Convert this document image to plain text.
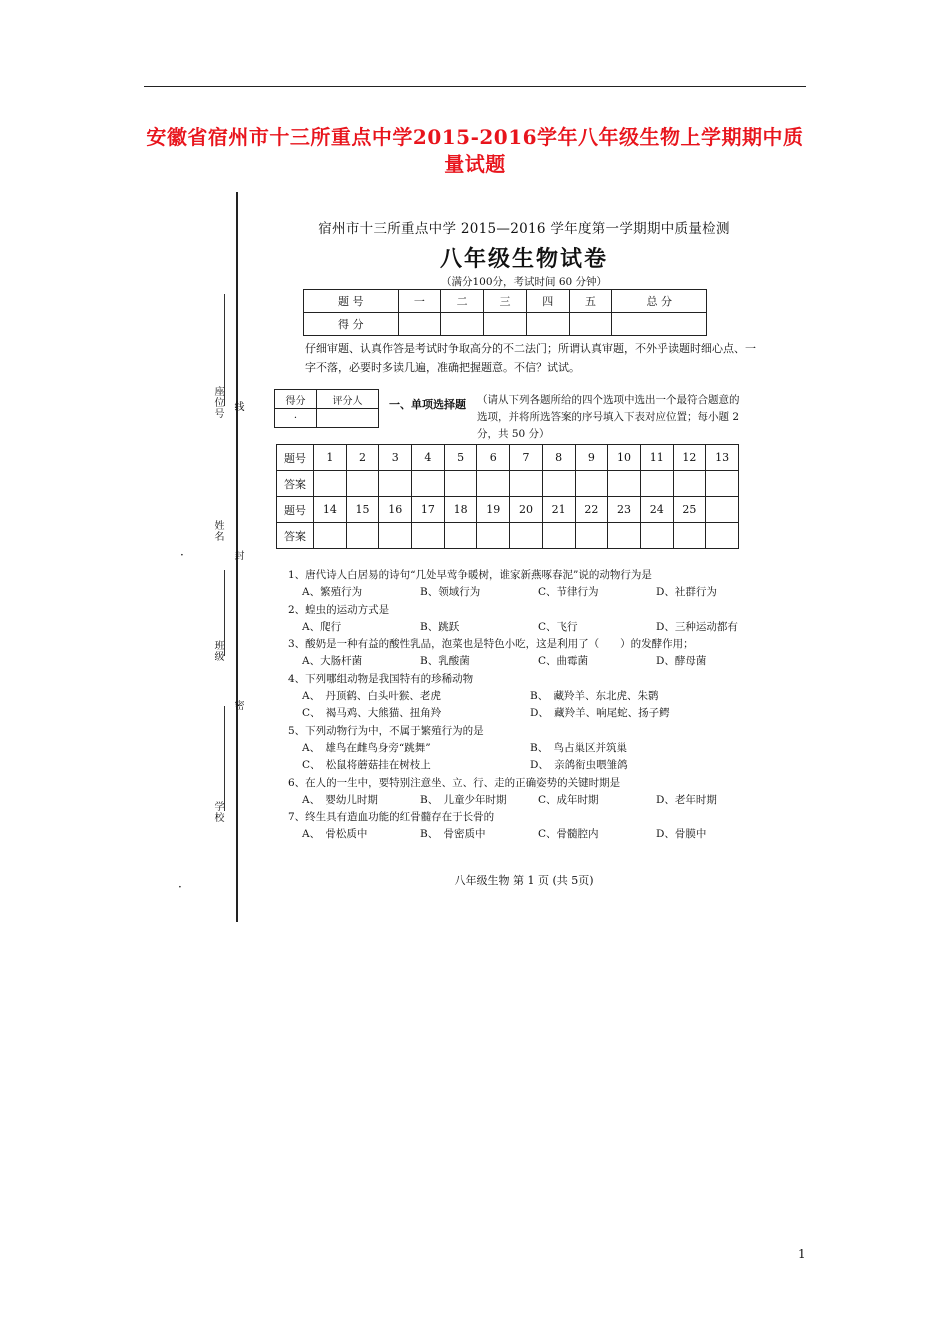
安徽省宿州市十三所重点中学2015-2016学年八年级生物上学期期中质量试题
座位号 线
姓名
封
班级
密
学校
·
·
宿州市十三所重点中学 2015—2016 学年度第一学期期中质量检测
八年级生物试卷
（满分100分，考试时间 60 分钟）
题 号	一	二	三	四	五	总 分
得 分						
仔细审题、认真作答是考试时争取高分的不二法门；所谓认真审题，不外乎读题时细心点、一字不落，必要时多读几遍，准确把握题意。不信？试试。
得分	评分人
·	
一、单项选择题 （请从下列各题所给的四个选项中选出一个最符合题意的选项，并将所选答案的序号填入下表对应位置；每小题 2 分，共 50 分）
题号	1	2	3	4	5	6	7	8	9	10	11	12	13
答案													
题号	14	15	16	17	18	19	20	21	22	23	24	25	
答案													
1、唐代诗人白居易的诗句“几处早莺争暖树，谁家新燕啄春泥”说的动物行为是
A、繁殖行为	B、领域行为	C、节律行为	D、社群行为
2、蝗虫的运动方式是
A、爬行	B、跳跃	C、飞行	D、三种运动都有
3、酸奶是一种有益的酸性乳品，泡菜也是特色小吃，这是利用了（　　）的发酵作用；
A、大肠杆菌	B、乳酸菌	C、曲霉菌	D、酵母菌
4、下列哪组动物是我国特有的珍稀动物
A、　丹顶鹤、白头叶猴、老虎	B、　藏羚羊、东北虎、朱鹮
C、　褐马鸡、大熊猫、扭角羚	D、　藏羚羊、响尾蛇、扬子鳄
5、下列动物行为中，不属于繁殖行为的是
A、　雄鸟在雌鸟身旁“跳舞”	B、　鸟占巢区并筑巢
C、　松鼠将蘑菇挂在树枝上	D、　亲鸽衔虫喂雏鸽
6、在人的一生中，要特别注意坐、立、行、走的正确姿势的关键时期是
A、　婴幼儿时期	B、　儿童少年时期	C、成年时期	D、老年时期
7、终生具有造血功能的红骨髓存在于长骨的
A、　骨松质中	B、　骨密质中	C、骨髓腔内	D、骨膜中
八年级生物 第 1 页 (共 5页)
1
